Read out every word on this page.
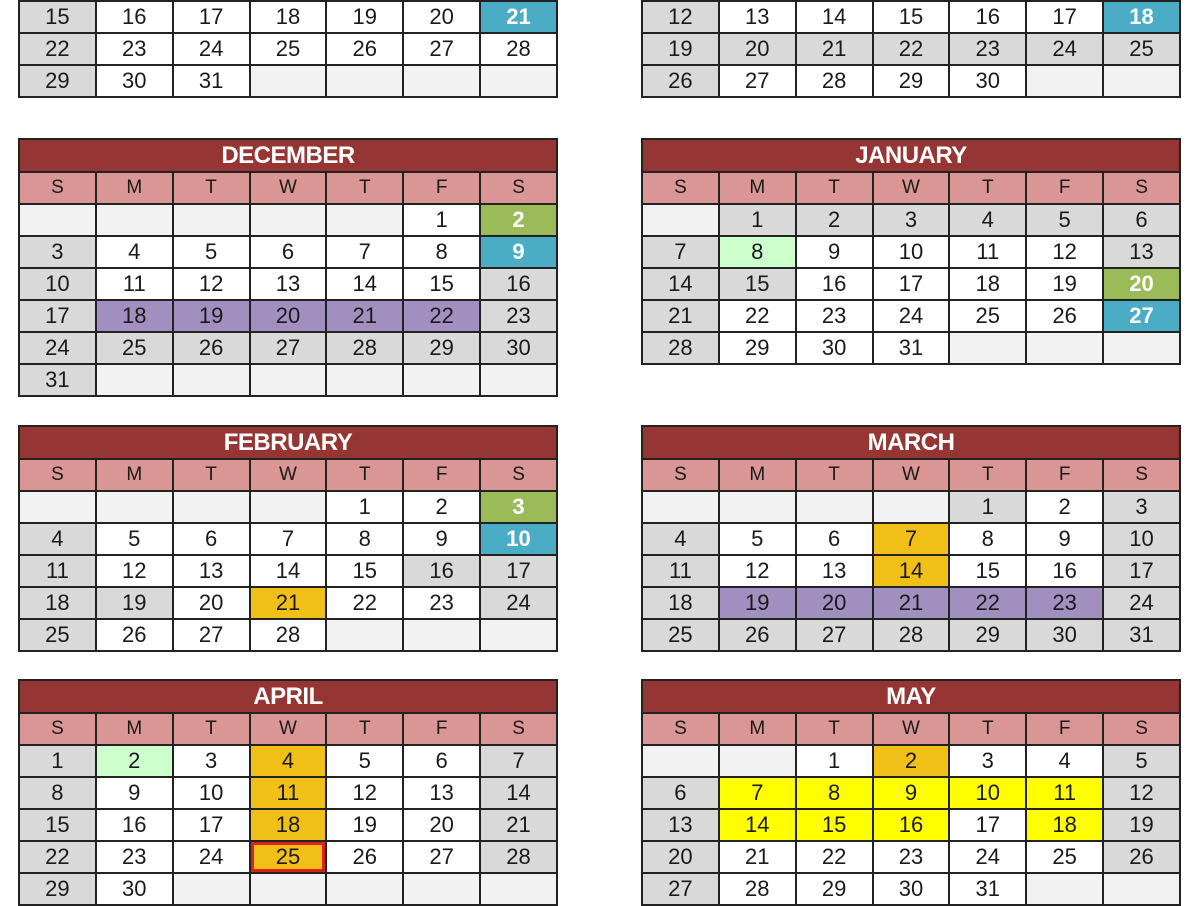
15	16	17	18	19	20	21
22	23	24	25	26	27	28
29	30	31				

12	13	14	15	16	17	18
19	20	21	22	23	24	25
26	27	28	29	30		
DECEMBER						
S	M	T	W	T	F	S
					1	2
3	4	5	6	7	8	9
10	11	12	13	14	15	16
17	18	19	20	21	22	23
24	25	26	27	28	29	30
31						
JANUARY						
S	M	T	W	T	F	S
	1	2	3	4	5	6
7	8	9	10	11	12	13
14	15	16	17	18	19	20
21	22	23	24	25	26	27
28	29	30	31			
FEBRUARY						
S	M	T	W	T	F	S
				1	2	3
4	5	6	7	8	9	10
11	12	13	14	15	16	17
18	19	20	21	22	23	24
25	26	27	28			
MARCH						
S	M	T	W	T	F	S
				1	2	3
4	5	6	7	8	9	10
11	12	13	14	15	16	17
18	19	20	21	22	23	24
25	26	27	28	29	30	31
APRIL						
S	M	T	W	T	F	S
1	2	3	4	5	6	7
8	9	10	11	12	13	14
15	16	17	18	19	20	21
22	23	24	25	26	27	28
29	30					
MAY						
S	M	T	W	T	F	S
		1	2	3	4	5
6	7	8	9	10	11	12
13	14	15	16	17	18	19
20	21	22	23	24	25	26
27	28	29	30	31		
